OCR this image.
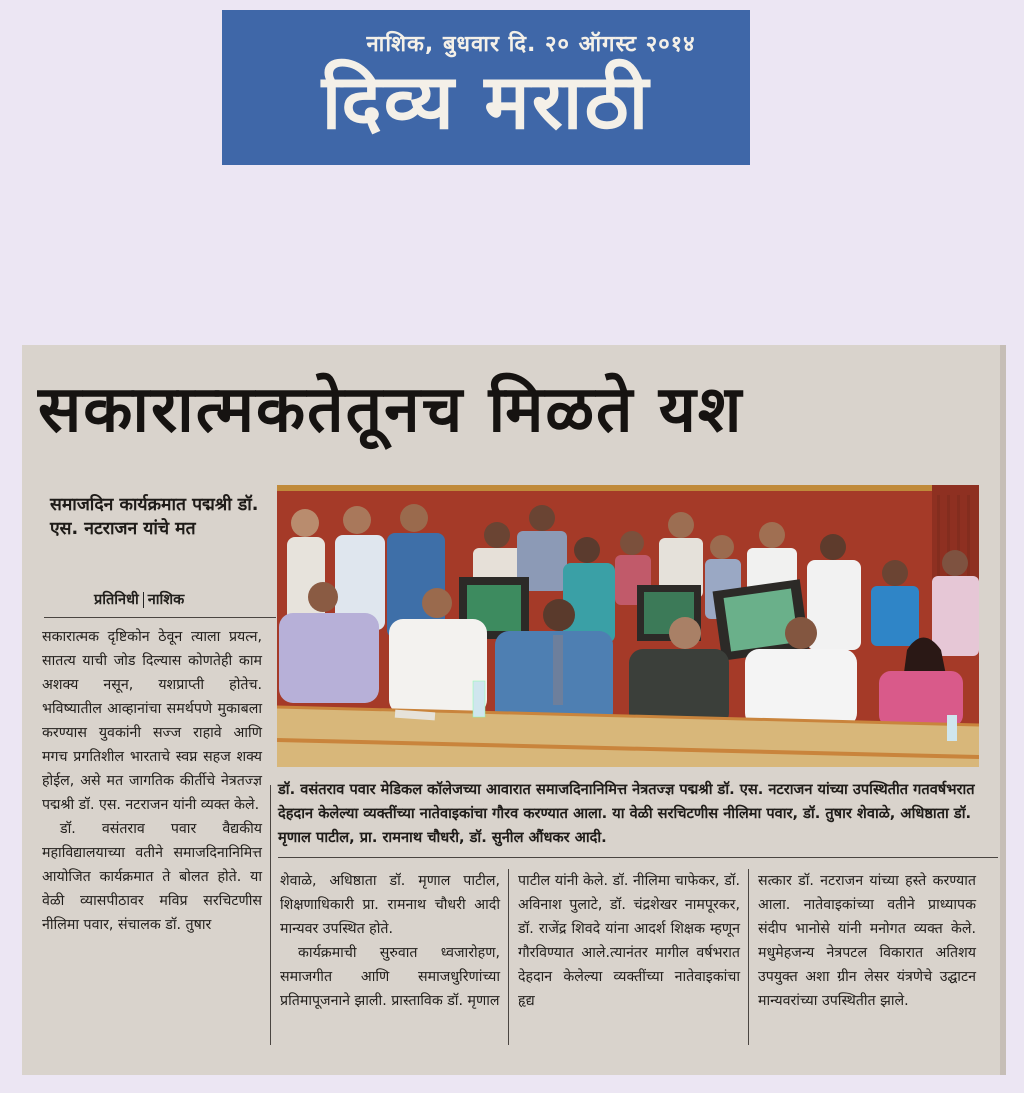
नाशिक, बुधवार दि. २० ऑगस्ट २०१४
दिव्य मराठी
सकारात्मकतेतूनच मिळते यश
समाजदिन कार्यक्रमात पद्मश्री डॉ. एस. नटराजन यांचे मत
प्रतिनिधी नाशिक
डॉ. वसंतराव पवार मेडिकल कॉलेजच्या आवारात समाजदिनानिमित्त नेत्रतज्ज्ञ पद्मश्री डॉ. एस. नटराजन यांच्या उपस्थितीत गतवर्षभरात देहदान केलेल्या व्यक्तींच्या नातेवाइकांचा गौरव करण्यात आला. या वेळी सरचिटणीस नीलिमा पवार, डॉ. तुषार शेवाळे, अधिष्ठाता डॉ. मृणाल पाटील, प्रा. रामनाथ चौधरी, डॉ. सुनील औंधकर आदी.

सकारात्मक दृष्टिकोन ठेवून त्याला प्रयत्न, सातत्य याची जोड दिल्यास कोणतेही काम अशक्य नसून, यशप्राप्ती होतेच. भविष्यातील आव्हानांचा समर्थपणे मुकाबला करण्यास युवकांनी सज्ज राहावे आणि मगच प्रगतिशील भारताचे स्वप्न सहज शक्य होईल, असे मत जागतिक कीर्तीचे नेत्रतज्ज्ञ पद्मश्री डॉ. एस. नटराजन यांनी व्यक्त केले.

डॉ. वसंतराव पवार वैद्यकीय महाविद्यालयाच्या वतीने समाजदिनानिमित्त आयोजित कार्यक्रमात ते बोलत होते. या वेळी व्यासपीठावर मविप्र सरचिटणीस नीलिमा पवार, संचालक डॉ. तुषार

शेवाळे, अधिष्ठाता डॉ. मृणाल पाटील, शिक्षणाधिकारी प्रा. रामनाथ चौधरी आदी मान्यवर उपस्थित होते.

कार्यक्रमाची सुरुवात ध्वजारोहण, समाजगीत आणि समाजधुरिणांच्या प्रतिमापूजनाने झाली. प्रास्ताविक डॉ. मृणाल

पाटील यांनी केले. डॉ. नीलिमा चाफेकर, डॉ. अविनाश पुलाटे, डॉ. चंद्रशेखर नामपूरकर, डॉ. राजेंद्र शिवदे यांना आदर्श शिक्षक म्हणून गौरविण्यात आले.त्यानंतर मागील वर्षभरात देहदान केलेल्या व्यक्तींच्या नातेवाइकांचा हृद्य

सत्कार डॉ. नटराजन यांच्या हस्ते करण्यात आला. नातेवाइकांच्या वतीने प्राध्यापक संदीप भानोसे यांनी मनोगत व्यक्त केले. मधुमेहजन्य नेत्रपटल विकारात अतिशय उपयुक्त अशा ग्रीन लेसर यंत्रणेचे उद्घाटन मान्यवरांच्या उपस्थितीत झाले.
